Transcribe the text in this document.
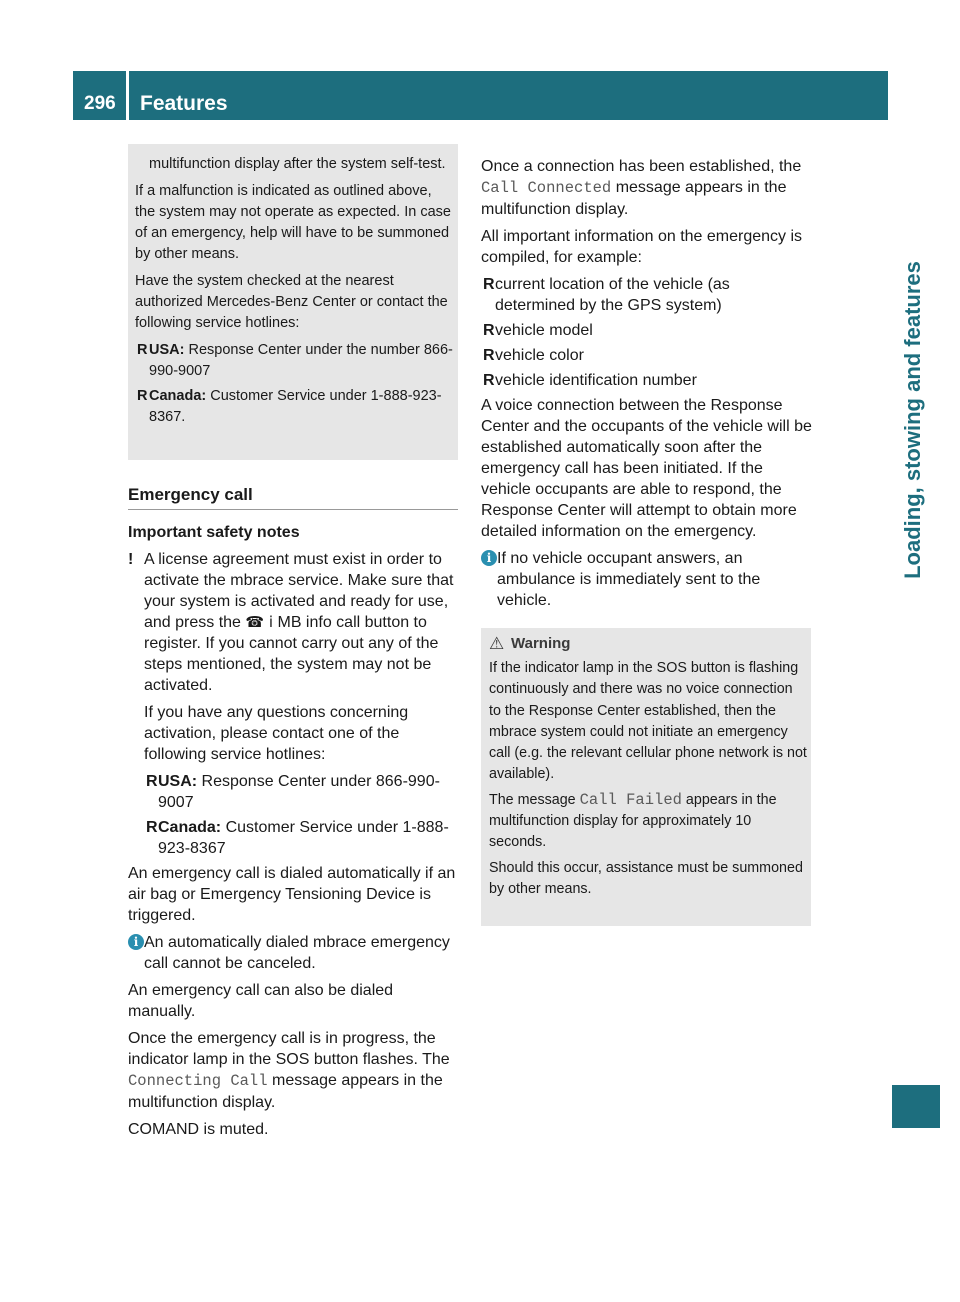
296 Features
Loading, stowing and features

multifunction display after the system self-test.

If a malfunction is indicated as outlined above, the system may not operate as expected. In case of an emergency, help will have to be summoned by other means.

Have the system checked at the nearest authorized Mercedes-Benz Center or contact the following service hotlines:

R USA: Response Center under the number 866-990-9007
R Canada: Customer Service under 1-888-923-8367.
Emergency call

Important safety notes

! A license agreement must exist in order to activate the mbrace service. Make sure that your system is activated and ready for use, and press the ☎ i MB info call button to register. If you cannot carry out any of the steps mentioned, the system may not be activated.

If you have any questions concerning activation, please contact one of the following service hotlines:

R USA: Response Center under 866-990-9007
R Canada: Customer Service under 1-888-923-8367

An emergency call is dialed automatically if an air bag or Emergency Tensioning Device is triggered.

i An automatically dialed mbrace emergency call cannot be canceled.

An emergency call can also be dialed manually.

Once the emergency call is in progress, the indicator lamp in the SOS button flashes. The Connecting Call message appears in the multifunction display.

COMAND is muted.

Once a connection has been established, the Call Connected message appears in the multifunction display.

All important information on the emergency is compiled, for example:

R current location of the vehicle (as determined by the GPS system)
R vehicle model
R vehicle color
R vehicle identification number

A voice connection between the Response Center and the occupants of the vehicle will be established automatically soon after the emergency call has been initiated. If the vehicle occupants are able to respond, the Response Center will attempt to obtain more detailed information on the emergency.

i If no vehicle occupant answers, an ambulance is immediately sent to the vehicle.

⚠ Warning

If the indicator lamp in the SOS button is flashing continuously and there was no voice connection to the Response Center established, then the mbrace system could not initiate an emergency call (e.g. the relevant cellular phone network is not available).

The message Call Failed appears in the multifunction display for approximately 10 seconds.

Should this occur, assistance must be summoned by other means.
